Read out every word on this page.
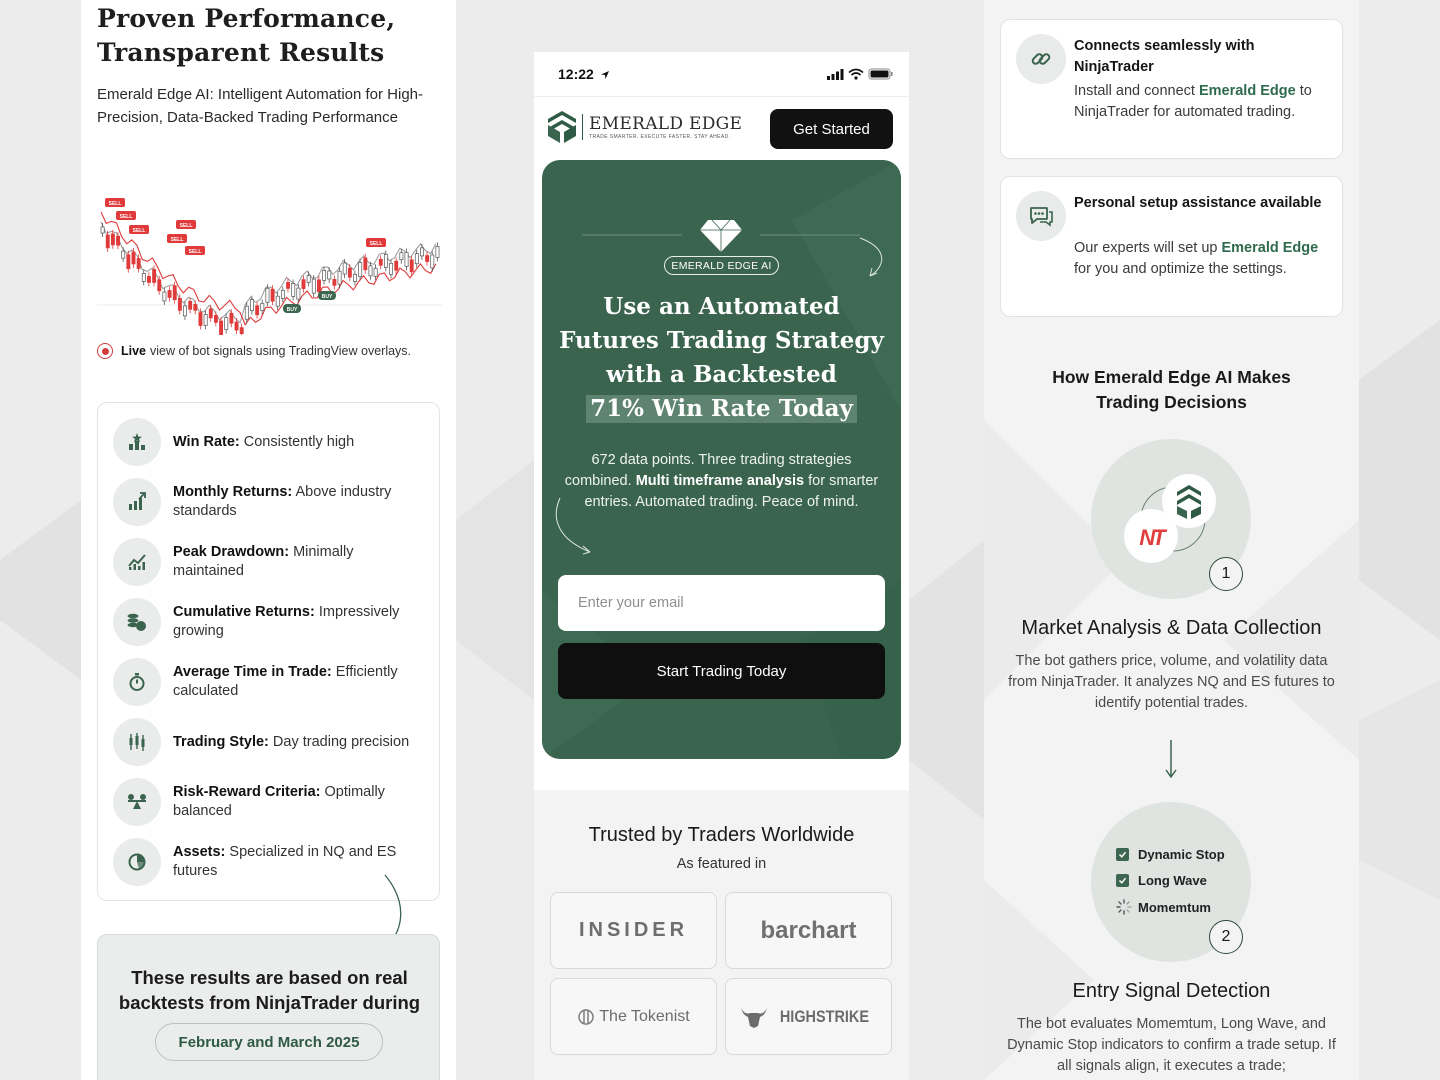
Proven Performance, Transparent Results

Emerald Edge AI: Intelligent Automation for High-Precision, Data-Backed Trading Performance

SELL
SELL
SELL
SELL
SELL
SELL
SELL
BUY
BUY
Live view of bot signals using TradingView overlays.
Win Rate: Consistently high
Monthly Returns: Above industry standards
Peak Drawdown: Minimally maintained
Cumulative Returns: Impressively growing
Average Time in Trade: Efficiently calculated
Trading Style: Day trading precision
Risk-Reward Criteria: Optimally balanced
Assets: Specialized in NQ and ES futures

These results are based on real backtests from NinjaTrader during

February and March 2025
12:22
EMERALD EDGE
TRADE SMARTER. EXECUTE FASTER. STAY AHEAD.	Get Started
EMERALD EDGE AI
Use an Automated Futures Trading Strategy with a Backtested
71% Win Rate Today

672 data points. Three trading strategies combined. Multi timeframe analysis for smarter entries. Automated trading. Peace of mind.

Enter your email
Start Trading Today
Trusted by Traders Worldwide
As featured in
INSIDER	barchart
The Tokenist	HIGHSTRIKE
Connects seamlessly with NinjaTrader
Install and connect Emerald Edge to NinjaTrader for automated trading.
Personal setup assistance available
Our experts will set up Emerald Edge for you and optimize the settings.
How Emerald Edge AI Makes Trading Decisions
NT
1
Market Analysis & Data Collection

The bot gathers price, volume, and volatility data from NinjaTrader. It analyzes NQ and ES futures to identify potential trades.

Dynamic Stop
Long Wave
Momemtum
2
Entry Signal Detection

The bot evaluates Momemtum, Long Wave, and Dynamic Stop indicators to confirm a trade setup. If all signals align, it executes a trade;
